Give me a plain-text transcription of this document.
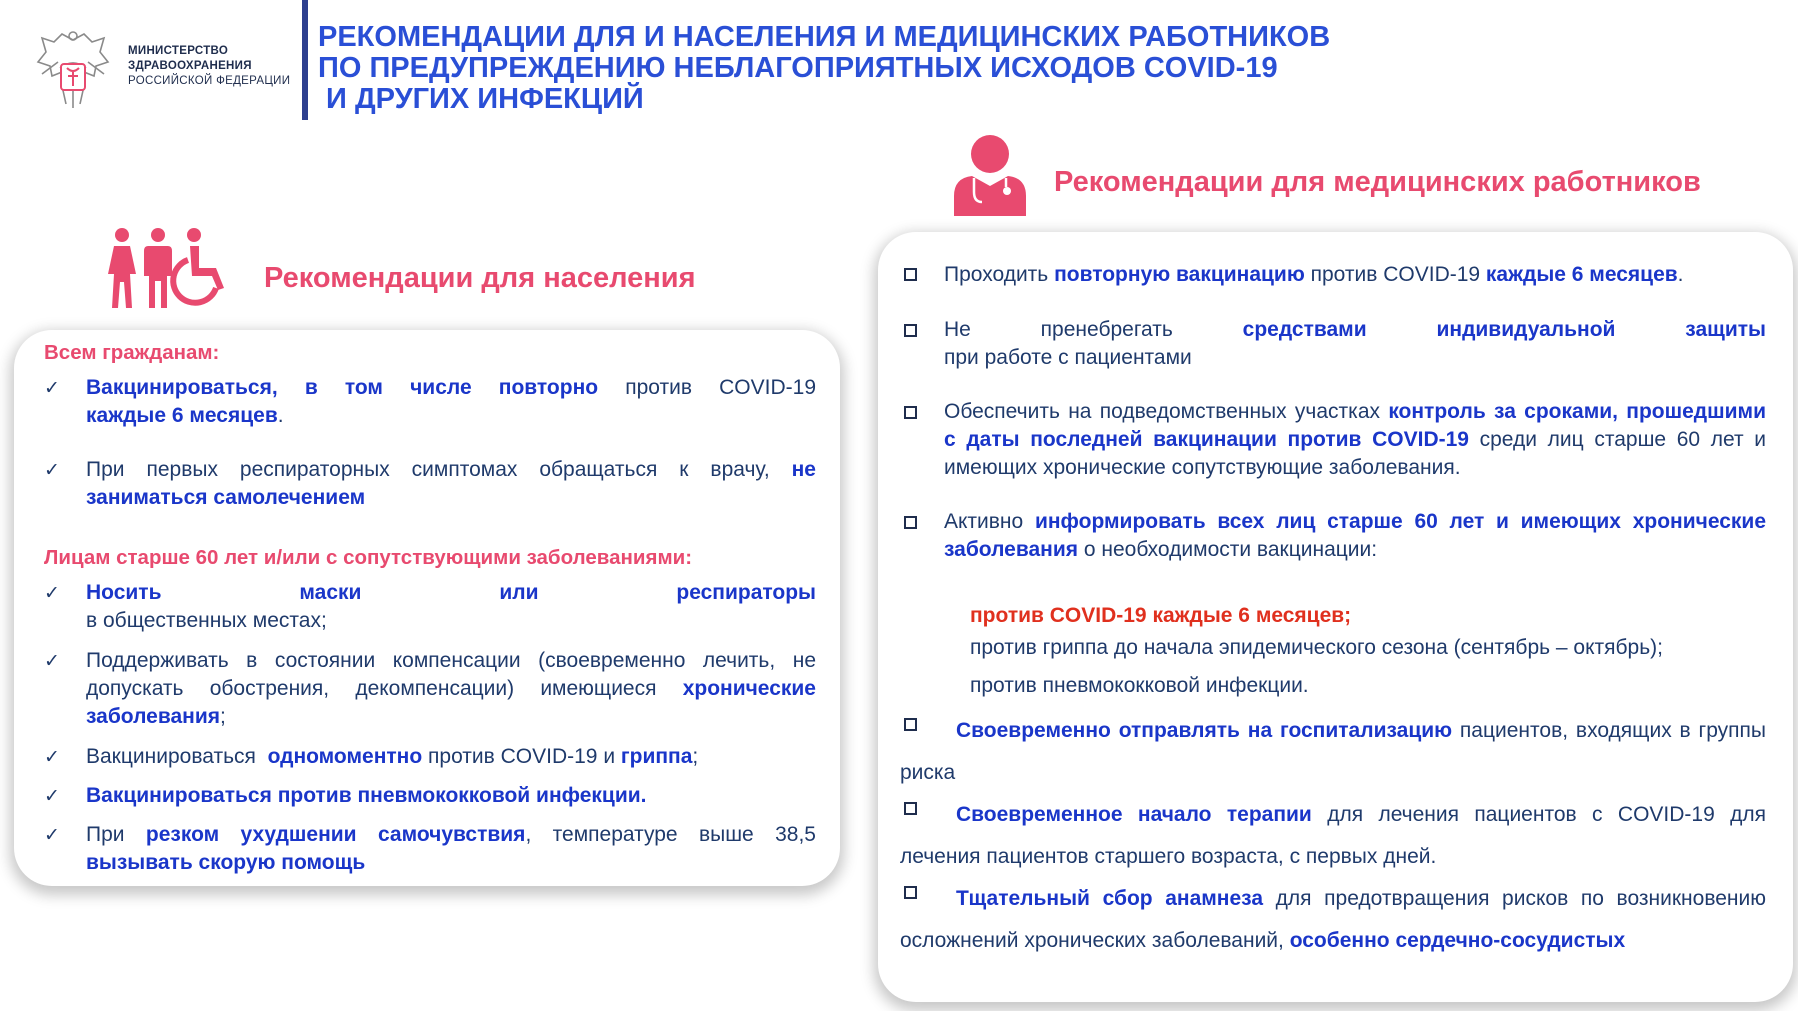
МИНИСТЕРСТВО
ЗДРАВООХРАНЕНИЯ
РОССИЙСКОЙ ФЕДЕРАЦИИ
РЕКОМЕНДАЦИИ ДЛЯ И НАСЕЛЕНИЯ И МЕДИЦИНСКИХ РАБОТНИКОВ
ПО ПРЕДУПРЕЖДЕНИЮ НЕБЛАГОПРИЯТНЫХ ИСХОДОВ COVID-19
И ДРУГИХ ИНФЕКЦИЙ
Рекомендации для населения
Всем гражданам:
✓ Вакцинироваться, в том числе повторно против COVID-19
каждые 6 месяцев.
✓ При первых респираторных симптомах обращаться к врачу, не заниматься самолечением
Лицам старше 60 лет и/или с сопутствующими заболеваниями:
✓ Носить маски или респираторы
в общественных местах;
✓ Поддерживать в состоянии компенсации (своевременно лечить, не допускать обострения, декомпенсации) имеющиеся хронические заболевания;
✓ Вакцинироваться  одномоментно против COVID-19 и гриппа;
✓ Вакцинироваться против пневмококковой инфекции.
✓ При резком ухудшении самочувствия, температуре выше 38,5 вызывать скорую помощь
Рекомендации для медицинских работников
Проходить повторную вакцинацию против COVID-19 каждые 6 месяцев.
Не пренебрегать средствами индивидуальной защиты
при работе с пациентами
Обеспечить на подведомственных участках контроль за сроками, прошедшими с даты последней вакцинации против COVID-19 среди лиц старше 60 лет и имеющих хронические сопутствующие заболевания.
Активно информировать всех лиц старше 60 лет и имеющих хронические заболевания о необходимости вакцинации:
против COVID-19 каждые 6 месяцев;
против гриппа до начала эпидемического сезона (сентябрь – октябрь);
против пневмококковой инфекции.
Своевременно отправлять на госпитализацию пациентов, входящих в группы риска
Своевременное начало терапии для лечения пациентов с COVID-19 для лечения пациентов старшего возраста, с первых дней.
Тщательный сбор анамнеза для предотвращения рисков по возникновению осложнений хронических заболеваний, особенно сердечно-сосудистых
